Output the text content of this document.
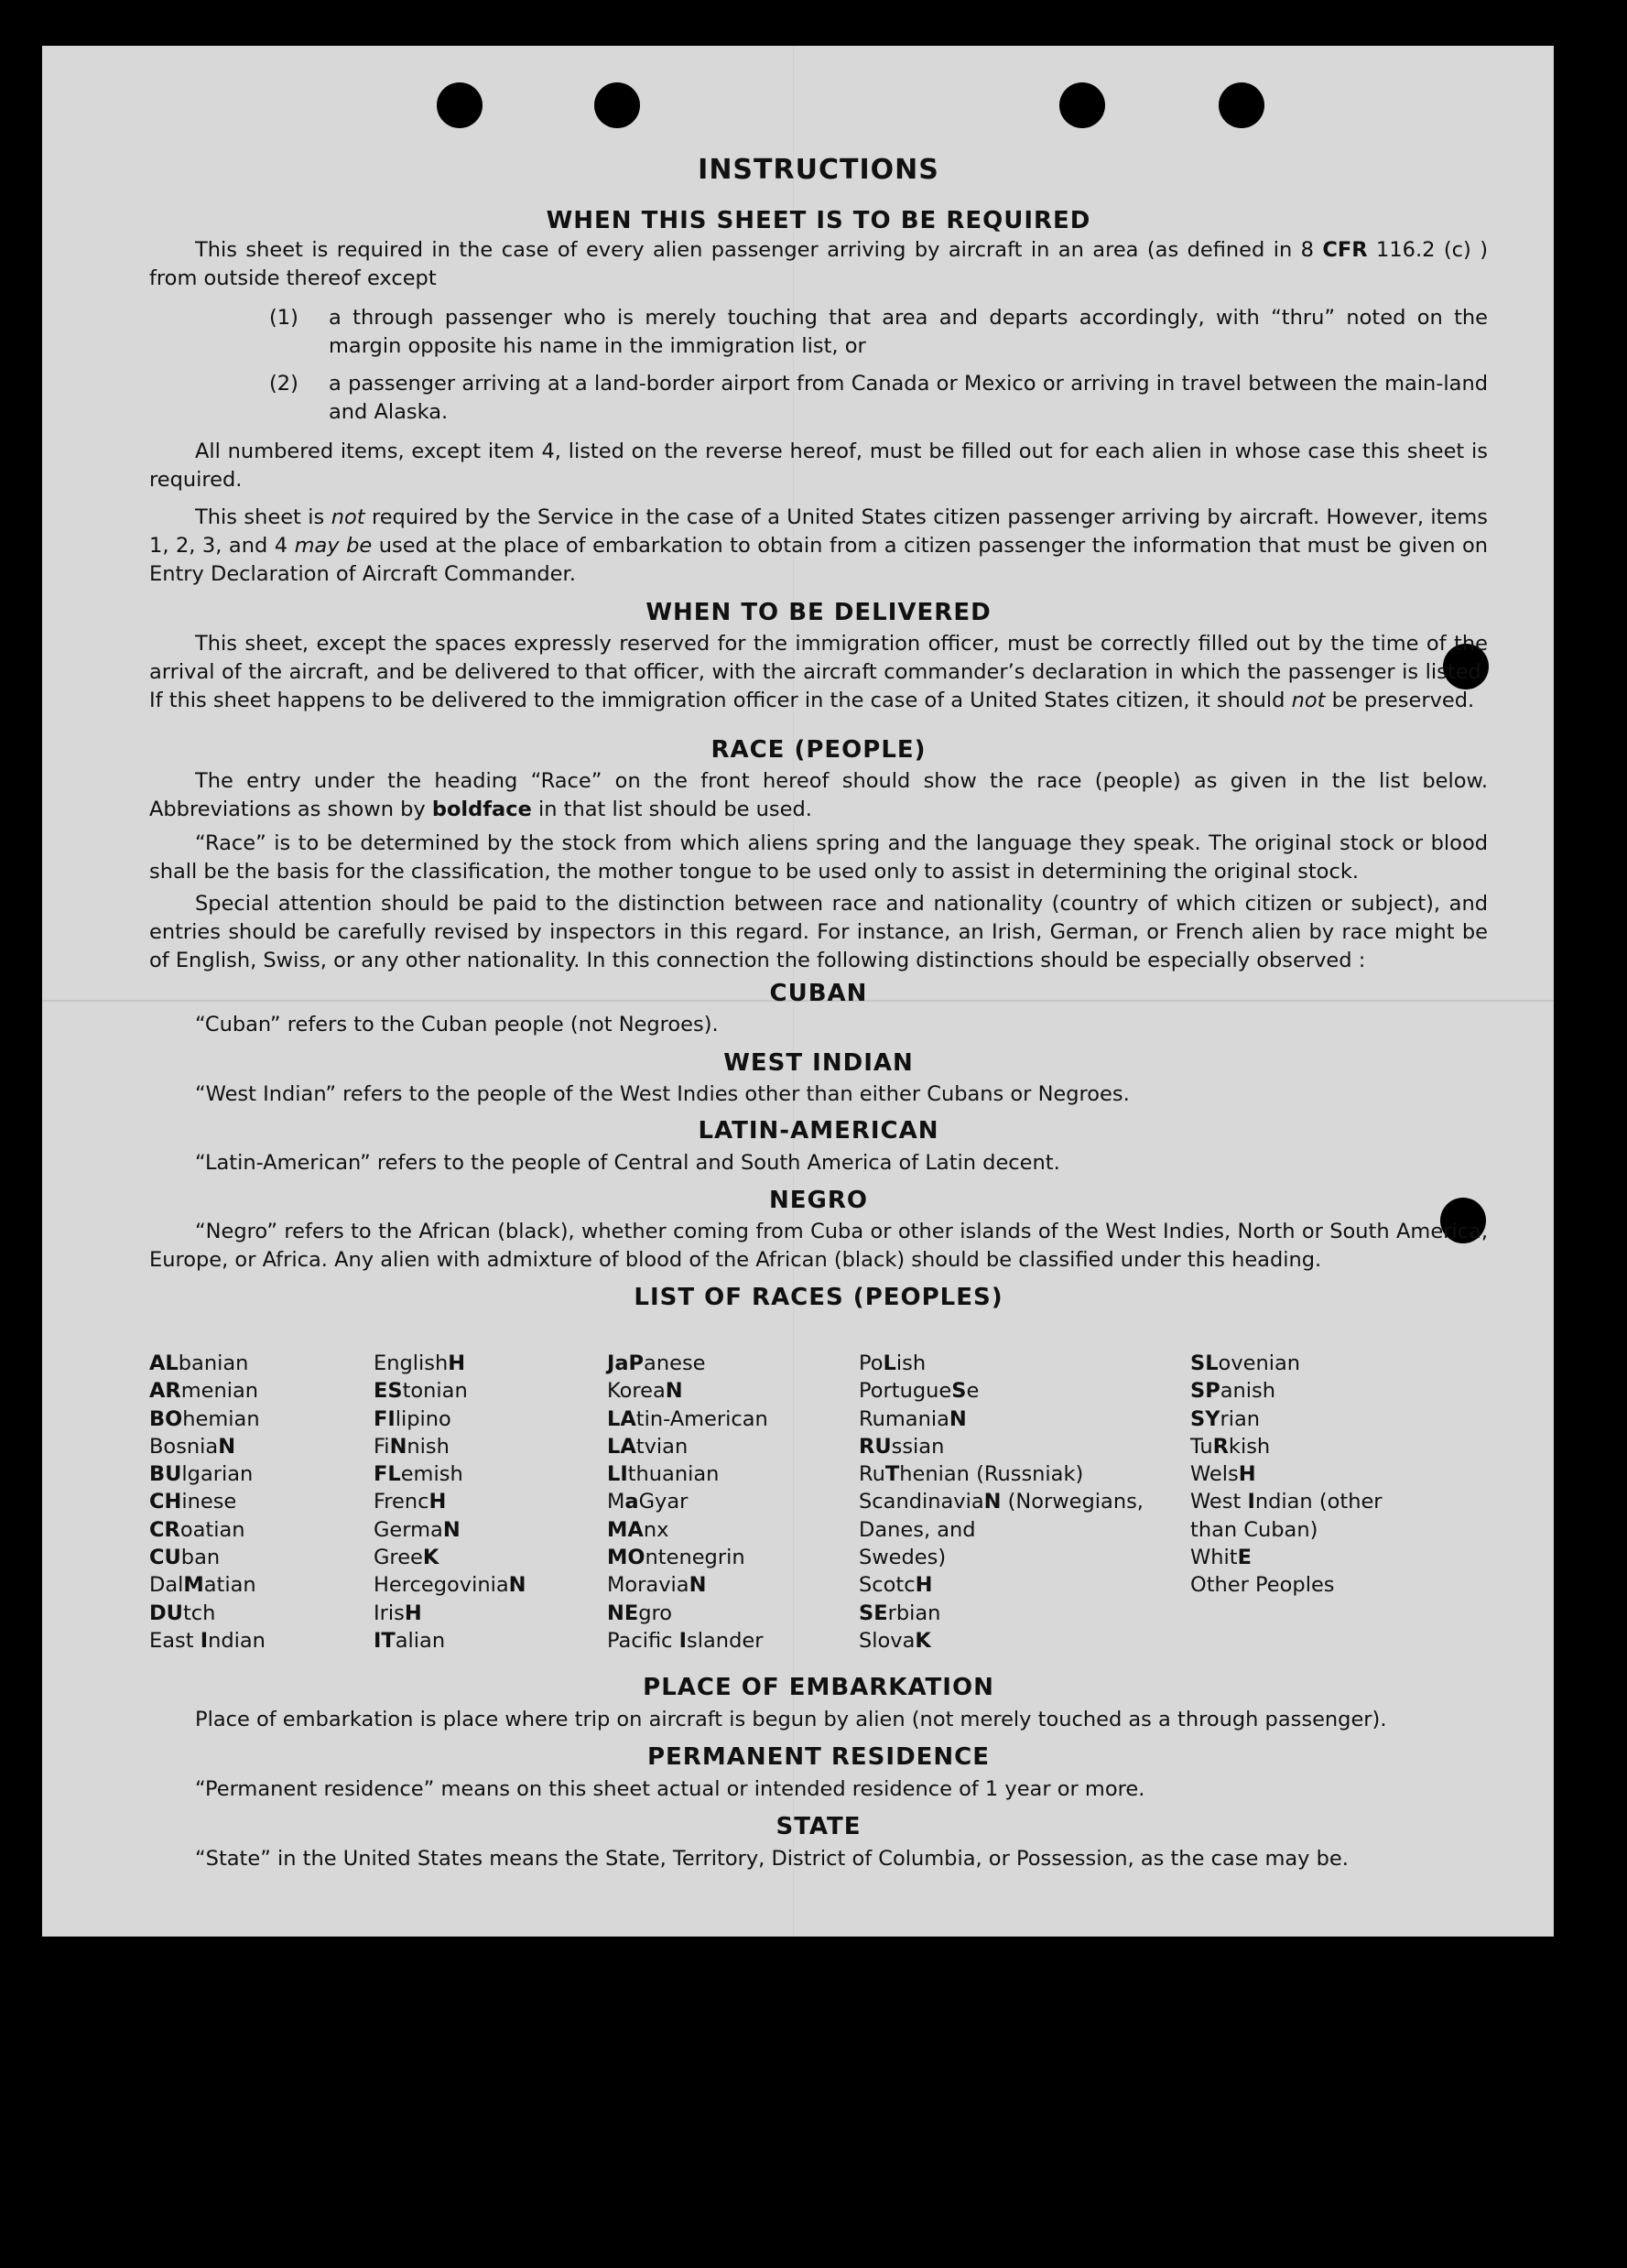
INSTRUCTIONS
WHEN THIS SHEET IS TO BE REQUIRED

This sheet is required in the case of every alien passenger arriving by aircraft in an area (as defined in 8 CFR 116.2 (c) ) from outside thereof except

(1) a through passenger who is merely touching that area and departs accordingly, with “thru” noted on the margin opposite his name in the immigration list, or
(2) a passenger arriving at a land-border airport from Canada or Mexico or arriving in travel between the main-land and Alaska.

All numbered items, except item 4, listed on the reverse hereof, must be filled out for each alien in whose case this sheet is required.

This sheet is not required by the Service in the case of a United States citizen passenger arriving by aircraft. However, items 1, 2, 3, and 4 may be used at the place of embarkation to obtain from a citizen passenger the information that must be given on Entry Declaration of Aircraft Commander.

WHEN TO BE DELIVERED

This sheet, except the spaces expressly reserved for the immigration officer, must be correctly filled out by the time of the arrival of the aircraft, and be delivered to that officer, with the aircraft commander’s declaration in which the passenger is listed. If this sheet happens to be delivered to the immigration officer in the case of a United States citizen, it should not be preserved.

RACE (PEOPLE)

The entry under the heading “Race” on the front hereof should show the race (people) as given in the list below. Abbreviations as shown by boldface in that list should be used.

“Race” is to be determined by the stock from which aliens spring and the language they speak. The original stock or blood shall be the basis for the classification, the mother tongue to be used only to assist in determining the original stock.

Special attention should be paid to the distinction between race and nationality (country of which citizen or subject), and entries should be carefully revised by inspectors in this regard. For instance, an Irish, German, or French alien by race might be of English, Swiss, or any other nationality. In this connection the following distinctions should be especially observed :

CUBAN

“Cuban” refers to the Cuban people (not Negroes).

WEST INDIAN

“West Indian” refers to the people of the West Indies other than either Cubans or Negroes.

LATIN-AMERICAN

“Latin-American” refers to the people of Central and South America of Latin decent.

NEGRO

“Negro” refers to the African (black), whether coming from Cuba or other islands of the West Indies, North or South America, Europe, or Africa. Any alien with admixture of blood of the African (black) should be classified under this heading.

LIST OF RACES (PEOPLES)
ALbanian
ARmenian
BOhemian
BosniaN
BUlgarian
CHinese
CRoatian
CUban
DalMatian
DUtch
East Indian
EnglishH
EStonian
FIlipino
FiNnish
FLemish
FrencH
GermaN
GreeK
HercegoviniaN
IrisH
ITalian
JaPanese
KoreaN
LAtin-American
LAtvian
LIthuanian
MaGyar
MAnx
MOntenegrin
MoraviaN
NEgro
Pacific Islander
PoLish
PortugueSe
RumaniaN
RUssian
RuThenian (Russniak)
ScandinaviaN (Norwegians,
Danes, and
Swedes)
ScotcH
SErbian
SlovaK
SLovenian
SPanish
SYrian
TuRkish
WelsH
West Indian (other
than Cuban)
WhitE
Other Peoples
PLACE OF EMBARKATION

Place of embarkation is place where trip on aircraft is begun by alien (not merely touched as a through passenger).

PERMANENT RESIDENCE

“Permanent residence” means on this sheet actual or intended residence of 1 year or more.

STATE

“State” in the United States means the State, Territory, District of Columbia, or Possession, as the case may be.
